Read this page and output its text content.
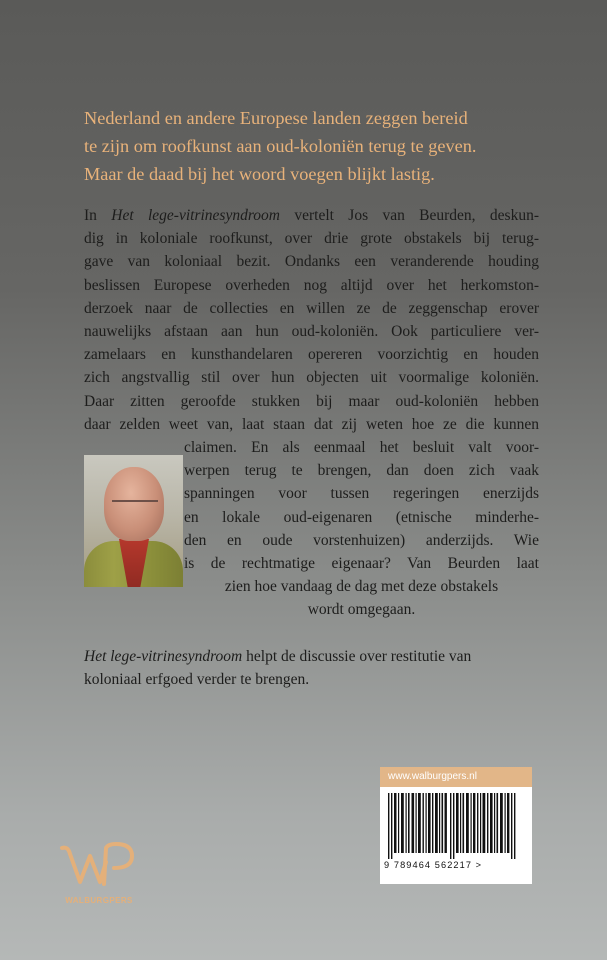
Nederland en andere Europese landen zeggen bereid
te zijn om roofkunst aan oud-koloniën terug te geven.
Maar de daad bij het woord voegen blijkt lastig.
In Het lege-vitrinesyndroom vertelt Jos van Beurden, deskun-
dig in koloniale roofkunst, over drie grote obstakels bij terug-
gave van koloniaal bezit. Ondanks een veranderende houding
beslissen Europese overheden nog altijd over het herkomston-
derzoek naar de collecties en willen ze de zeggenschap erover
nauwelijks afstaan aan hun oud-koloniën. Ook particuliere ver-
zamelaars en kunsthandelaren opereren voorzichtig en houden
zich angstvallig stil over hun objecten uit voormalige koloniën.
Daar zitten geroofde stukken bij maar oud-koloniën hebben
daar zelden weet van, laat staan dat zij weten hoe ze die kunnen
claimen. En als eenmaal het besluit valt voor-
werpen terug te brengen, dan doen zich vaak
spanningen voor tussen regeringen enerzijds
en lokale oud-eigenaren (etnische minderhe-
den en oude vorstenhuizen) anderzijds. Wie
is de rechtmatige eigenaar? Van Beurden laat
zien hoe vandaag de dag met deze obstakels
wordt omgegaan.
Het lege-vitrinesyndroom helpt de discussie over restitutie van
koloniaal erfgoed verder te brengen.
www.walburgpers.nl
9 789464 562217 >
WALBURGPERS
